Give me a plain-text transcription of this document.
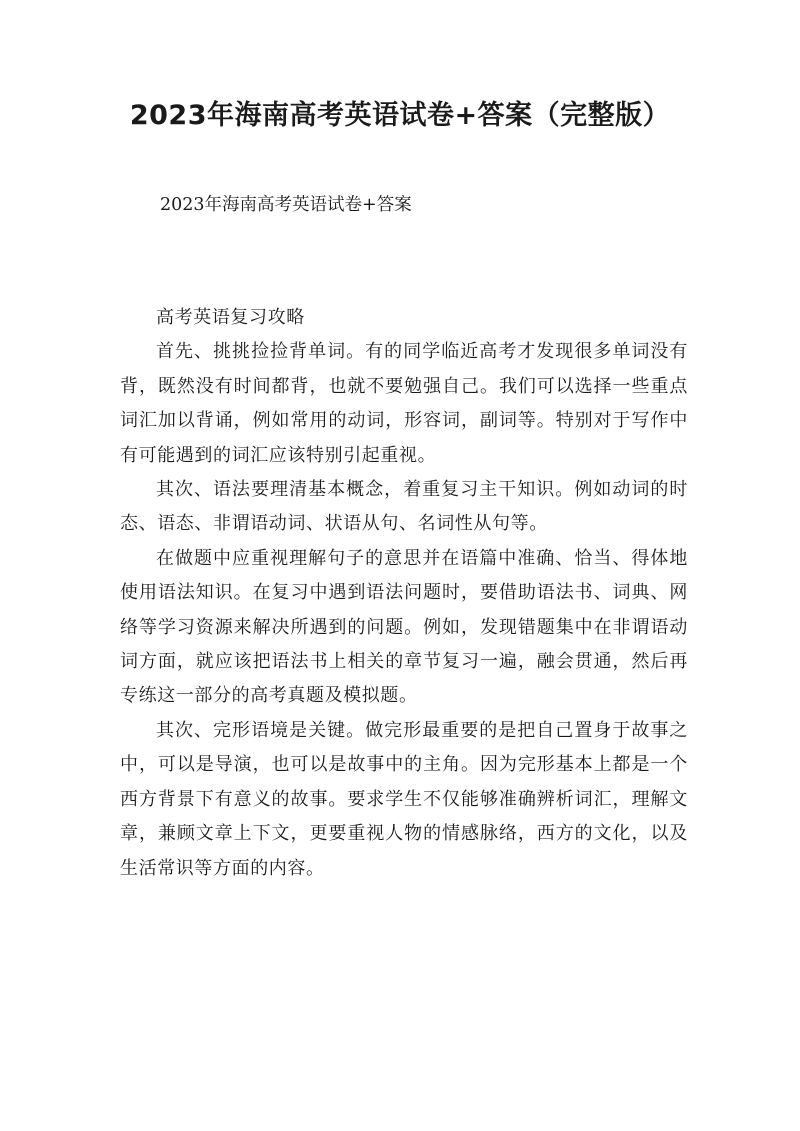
2023年海南高考英语试卷+答案（完整版）

2023年海南高考英语试卷+答案

高考英语复习攻略

首先、挑挑捡捡背单词。有的同学临近高考才发现很多单词没有背，既然没有时间都背，也就不要勉强自己。我们可以选择一些重点词汇加以背诵，例如常用的动词，形容词，副词等。特别对于写作中有可能遇到的词汇应该特别引起重视。

其次、语法要理清基本概念，着重复习主干知识。例如动词的时态、语态、非谓语动词、状语从句、名词性从句等。

在做题中应重视理解句子的意思并在语篇中准确、恰当、得体地使用语法知识。在复习中遇到语法问题时，要借助语法书、词典、网络等学习资源来解决所遇到的问题。例如，发现错题集中在非谓语动词方面，就应该把语法书上相关的章节复习一遍，融会贯通，然后再专练这一部分的高考真题及模拟题。

其次、完形语境是关键。做完形最重要的是把自己置身于故事之中，可以是导演，也可以是故事中的主角。因为完形基本上都是一个西方背景下有意义的故事。要求学生不仅能够准确辨析词汇，理解文章，兼顾文章上下文，更要重视人物的情感脉络，西方的文化，以及生活常识等方面的内容。
